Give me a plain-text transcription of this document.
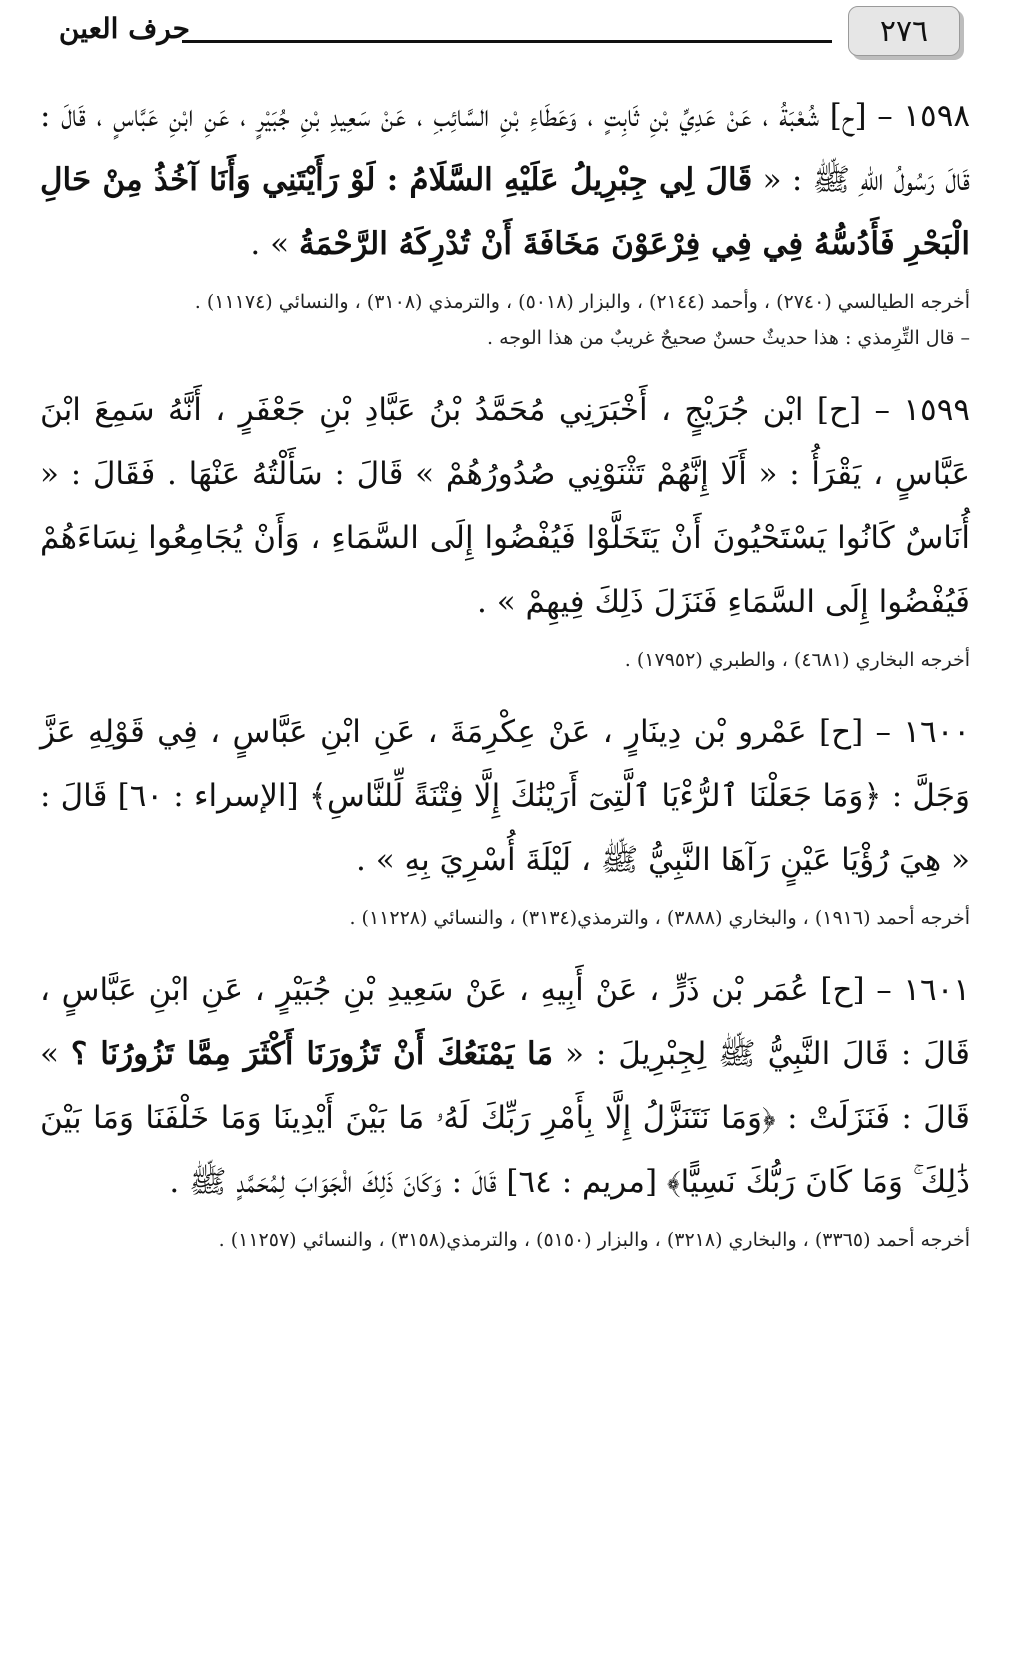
٢٧٦
حرف العين

١٥٩٨ – [ح] شُعْبَةُ ، عَنْ عَدِيِّ بْنِ ثَابِتٍ ، وَعَطَاءِ بْنِ السَّائِبِ ، عَنْ سَعِيدِ بْنِ جُبَيْرٍ ، عَنِ ابْنِ عَبَّاسٍ ، قَالَ : قَالَ رَسُولُ اللهِ ﷺ : « قَالَ لِي جِبْرِيلُ عَلَيْهِ السَّلَامُ : لَوْ رَأَيْتَنِي وَأَنَا آخُذُ مِنْ حَالِ الْبَحْرِ فَأَدُسُّهُ فِي فِي فِرْعَوْنَ مَخَافَةَ أَنْ تُدْرِكَهُ الرَّحْمَةُ » .

أخرجه الطيالسي (٢٧٤٠) ، وأحمد (٢١٤٤) ، والبزار (٥٠١٨) ، والترمذي (٣١٠٨) ، والنسائي (١١١٧٤) .
– قال التِّرِمذي : هذا حديثٌ حسنٌ صحيحٌ غريبٌ من هذا الوجه .

١٥٩٩ – [ح] ابْن جُرَيْجٍ ، أَخْبَرَنِي مُحَمَّدُ بْنُ عَبَّادِ بْنِ جَعْفَرٍ ، أَنَّهُ سَمِعَ ابْنَ عَبَّاسٍ ، يَقْرَأُ : « أَلَا إِنَّهُمْ تَثْنَوْنِي صُدُورُهُمْ » قَالَ : سَأَلْتُهُ عَنْهَا . فَقَالَ : « أُنَاسٌ كَانُوا يَسْتَحْيُونَ أَنْ يَتَخَلَّوْا فَيُفْضُوا إِلَى السَّمَاءِ ، وَأَنْ يُجَامِعُوا نِسَاءَهُمْ فَيُفْضُوا إِلَى السَّمَاءِ فَنَزَلَ ذَلِكَ فِيهِمْ » .

أخرجه البخاري (٤٦٨١) ، والطبري (١٧٩٥٢) .

١٦٠٠ – [ح] عَمْرو بْن دِينَارٍ ، عَنْ عِكْرِمَةَ ، عَنِ ابْنِ عَبَّاسٍ ، فِي قَوْلِهِ عَزَّ وَجَلَّ : ﴿وَمَا جَعَلْنَا ٱلرُّءْيَا ٱلَّتِىٓ أَرَيْنَٰكَ إِلَّا فِتْنَةً لِّلنَّاسِ﴾ [الإسراء : ٦٠] قَالَ : « هِيَ رُؤْيَا عَيْنٍ رَآهَا النَّبِيُّ ﷺ ، لَيْلَةَ أُسْرِيَ بِهِ » .

أخرجه أحمد (١٩١٦) ، والبخاري (٣٨٨٨) ، والترمذي(٣١٣٤) ، والنسائي (١١٢٢٨) .

١٦٠١ – [ح] عُمَر بْن ذَرٍّ ، عَنْ أَبِيهِ ، عَنْ سَعِيدِ بْنِ جُبَيْرٍ ، عَنِ ابْنِ عَبَّاسٍ ، قَالَ : قَالَ النَّبِيُّ ﷺ لِجِبْرِيلَ : « مَا يَمْنَعُكَ أَنْ تَزُورَنَا أَكْثَرَ مِمَّا تَزُورُنَا ؟ » قَالَ : فَنَزَلَتْ : ﴿وَمَا نَتَنَزَّلُ إِلَّا بِأَمْرِ رَبِّكَ لَهُۥ مَا بَيْنَ أَيْدِينَا وَمَا خَلْفَنَا وَمَا بَيْنَ ذَٰلِكَ ۚ وَمَا كَانَ رَبُّكَ نَسِيًّا﴾ [مريم : ٦٤] قَالَ : وَكَانَ ذَلِكَ الْجَوَابَ لِمُحَمَّدٍ ﷺ .

أخرجه أحمد (٣٣٦٥) ، والبخاري (٣٢١٨) ، والبزار (٥١٥٠) ، والترمذي(٣١٥٨) ، والنسائي (١١٢٥٧) .
